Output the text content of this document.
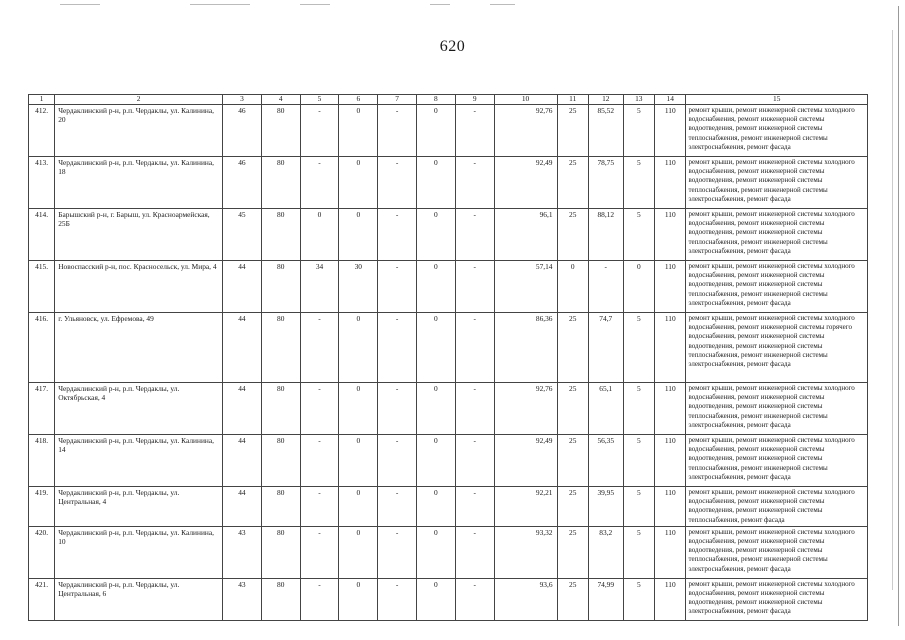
620
1	2	3	4	5	6	7	8	9	10	11	12	13	14	15
412.	Чердаклинский р-н, р.п. Чердаклы, ул. Калинина, 20	46	80	-	0	-	0	-	92,76	25	85,52	5	110	ремонт крыши, ремонт инженерной системы холодного водоснабжения, ремонт инженерной системы водоотведения, ремонт инженерной системы теплоснабжения, ремонт инженерной системы электроснабжения, ремонт фасада
413.	Чердаклинский р-н, р.п. Чердаклы, ул. Калинина, 18	46	80	-	0	-	0	-	92,49	25	78,75	5	110	ремонт крыши, ремонт инженерной системы холодного водоснабжения, ремонт инженерной системы водоотведения, ремонт инженерной системы теплоснабжения, ремонт инженерной системы электроснабжения, ремонт фасада
414.	Барышский р-н, г. Барыш, ул. Красноармейская, 25Б	45	80	0	0	-	0	-	96,1	25	88,12	5	110	ремонт крыши, ремонт инженерной системы холодного водоснабжения, ремонт инженерной системы водоотведения, ремонт инженерной системы теплоснабжения, ремонт инженерной системы электроснабжения, ремонт фасада
415.	Новоспасский р-н, пос. Красносельск, ул. Мира, 4	44	80	34	30	-	0	-	57,14	0	-	0	110	ремонт крыши, ремонт инженерной системы холодного водоснабжения, ремонт инженерной системы водоотведения, ремонт инженерной системы теплоснабжения, ремонт инженерной системы электроснабжения, ремонт фасада
416.	г. Ульяновск, ул. Ефремова, 49	44	80	-	0	-	0	-	86,36	25	74,7	5	110	ремонт крыши, ремонт инженерной системы холодного водоснабжения, ремонт инженерной системы горячего водоснабжения, ремонт инженерной системы водоотведения, ремонт инженерной системы теплоснабжения, ремонт инженерной системы электроснабжения, ремонт фасада
417.	Чердаклинский р-н, р.п. Чердаклы, ул. Октябрьская, 4	44	80	-	0	-	0	-	92,76	25	65,1	5	110	ремонт крыши, ремонт инженерной системы холодного водоснабжения, ремонт инженерной системы водоотведения, ремонт инженерной системы теплоснабжения, ремонт инженерной системы электроснабжения, ремонт фасада
418.	Чердаклинский р-н, р.п. Чердаклы, ул. Калинина, 14	44	80	-	0	-	0	-	92,49	25	56,35	5	110	ремонт крыши, ремонт инженерной системы холодного водоснабжения, ремонт инженерной системы водоотведения, ремонт инженерной системы теплоснабжения, ремонт инженерной системы электроснабжения, ремонт фасада
419.	Чердаклинский р-н, р.п. Чердаклы, ул. Центральная, 4	44	80	-	0	-	0	-	92,21	25	39,95	5	110	ремонт крыши, ремонт инженерной системы холодного водоснабжения, ремонт инженерной системы водоотведения, ремонт инженерной системы теплоснабжения, ремонт фасада
420.	Чердаклинский р-н, р.п. Чердаклы, ул. Калинина, 10	43	80	-	0	-	0	-	93,32	25	83,2	5	110	ремонт крыши, ремонт инженерной системы холодного водоснабжения, ремонт инженерной системы водоотведения, ремонт инженерной системы теплоснабжения, ремонт инженерной системы электроснабжения, ремонт фасада
421.	Чердаклинский р-н, р.п. Чердаклы, ул. Центральная, 6	43	80	-	0	-	0	-	93,6	25	74,99	5	110	ремонт крыши, ремонт инженерной системы холодного водоснабжения, ремонт инженерной системы водоотведения, ремонт инженерной системы электроснабжения, ремонт фасада
